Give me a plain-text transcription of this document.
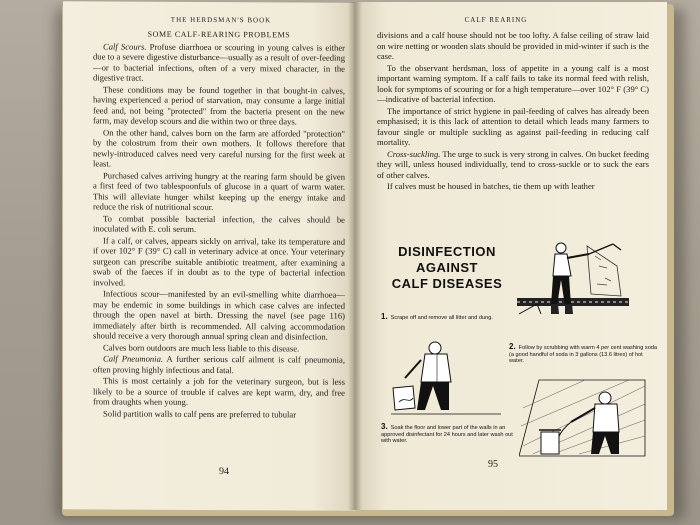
THE HERDSMAN'S BOOK

SOME CALF-REARING PROBLEMS

Calf Scours. Profuse diarrhoea or scouring in young calves is either due to a severe digestive disturbance—usually as a result of over-feeding—or to bacterial infections, often of a very mixed character, in the digestive tract.

These conditions may be found together in that bought-in calves, having experienced a period of starvation, may consume a large initial feed and, not being "protected" from the bacteria present on the new farm, may develop scours and die within two or three days.

On the other hand, calves born on the farm are afforded "protection" by the colostrum from their own mothers. It follows therefore that newly-introduced calves need very careful nursing for the first week at least.

Purchased calves arriving hungry at the rearing farm should be given a first feed of two tablespoonfuls of glucose in a quart of warm water. This will alleviate hunger whilst keeping up the energy intake and reduce the risk of nutritional scour.

To combat possible bacterial infection, the calves should be inoculated with E. coli serum.

If a calf, or calves, appears sickly on arrival, take its temperature and if over 102° F (39° C) call in veterinary advice at once. Your veterinary surgeon can prescribe suitable antibiotic treatment, after examining a swab of the faeces if in doubt as to the type of bacterial infection involved.

Infectious scour—manifested by an evil-smelling white diarrhoea—may be endemic in some buildings in which case calves are infected through the open navel at birth. Dressing the navel (see page 116) immediately after birth is recommended. All calving accommodation should receive a very thorough annual spring clean and disinfection.

Calves born outdoors are much less liable to this disease.

Calf Pneumonia. A further serious calf ailment is calf pneumonia, often proving highly infectious and fatal.

This is most certainly a job for the veterinary surgeon, but is less likely to be a source of trouble if calves are kept warm, dry, and free from draughts when young.

Solid partition walls to calf pens are preferred to tubular

94
CALF REARING

divisions and a calf house should not be too lofty. A false ceiling of straw laid on wire netting or wooden slats should be provided in mid-winter if such is the case.

To the observant herdsman, loss of appetite in a young calf is a most important warning symptom. If a calf fails to take its normal feed with relish, look for symptoms of scouring or for a high temperature—over 102° F (39° C)—indicative of bacterial infection.

The importance of strict hygiene in pail-feeding of calves has already been emphasised; it is this lack of attention to detail which leads many farmers to favour single or multiple suckling as against pail-feeding in reducing calf mortality.

Cross-suckling. The urge to suck is very strong in calves. On bucket feeding they will, unless housed individually, tend to cross-suckle or to suck the ears of other calves.

If calves must be housed in batches, tie them up with leather

DISINFECTION
AGAINST
CALF DISEASES
1. Scrape off and remove all litter and dung.
2. Follow by scrubbing with warm 4 per cent washing soda (a good handful of soda in 3 gallons (13.6 litres) of hot water.
3. Soak the floor and lower part of the walls in an approved disinfectant for 24 hours and later wash out with water.
95
